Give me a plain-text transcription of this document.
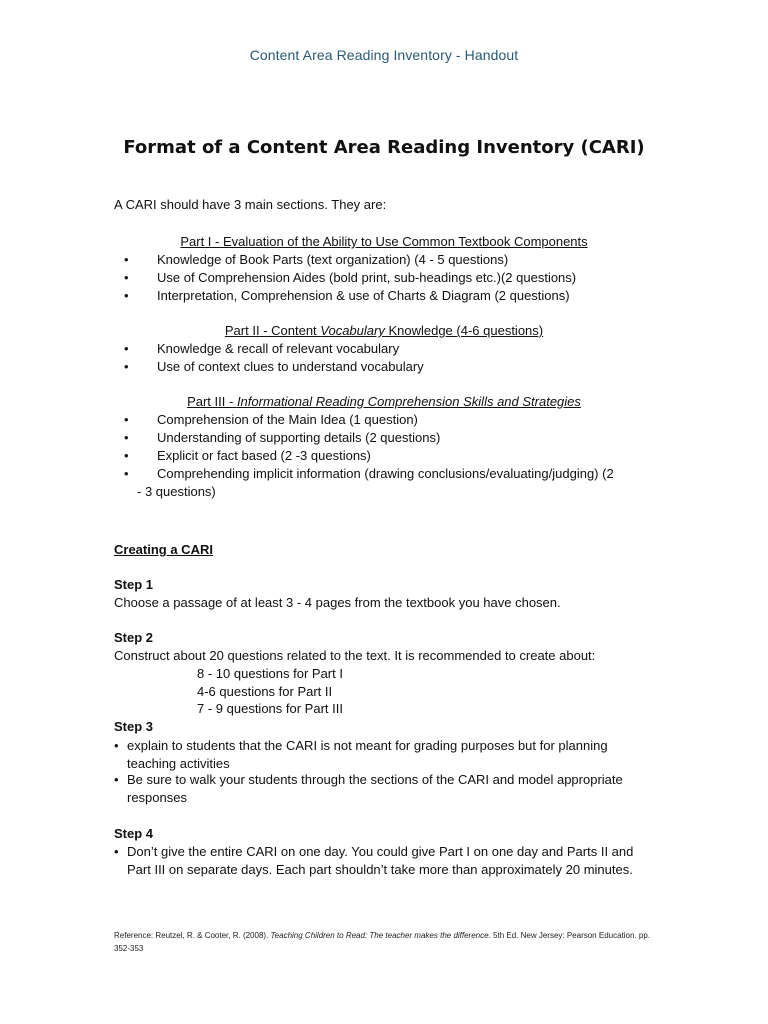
Content Area Reading Inventory - Handout
Format of a Content Area Reading Inventory (CARI)
A CARI should have 3 main sections. They are:
Part I - Evaluation of the Ability to Use Common Textbook Components
• Knowledge of Book Parts (text organization) (4 - 5 questions)
• Use of Comprehension Aides (bold print, sub-headings etc.)(2 questions)
• Interpretation, Comprehension & use of Charts & Diagram (2 questions)
Part II - Content Vocabulary Knowledge (4-6 questions)
• Knowledge & recall of relevant vocabulary
• Use of context clues to understand vocabulary
Part III - Informational Reading Comprehension Skills and Strategies
• Comprehension of the Main Idea (1 question)
• Understanding of supporting details (2 questions)
• Explicit or fact based (2 -3 questions)
• Comprehending implicit information (drawing conclusions/evaluating/judging) (2
- 3 questions)
Creating a CARI
Step 1
Choose a passage of at least 3 - 4 pages from the textbook you have chosen.
Step 2
Construct about 20 questions related to the text. It is recommended to create about:
8 - 10 questions for Part I
4-6 questions for Part II
7 - 9 questions for Part III
Step 3
• explain to students that the CARI is not meant for grading purposes but for planning teaching activities
• Be sure to walk your students through the sections of the CARI and model appropriate responses
Step 4
• Don’t give the entire CARI on one day. You could give Part I on one day and Parts II and Part III on separate days. Each part shouldn’t take more than approximately 20 minutes.
Reference: Reutzel, R. & Cooter, R. (2008). Teaching Children to Read: The teacher makes the difference. 5th Ed. New Jersey: Pearson Education. pp. 352-353
